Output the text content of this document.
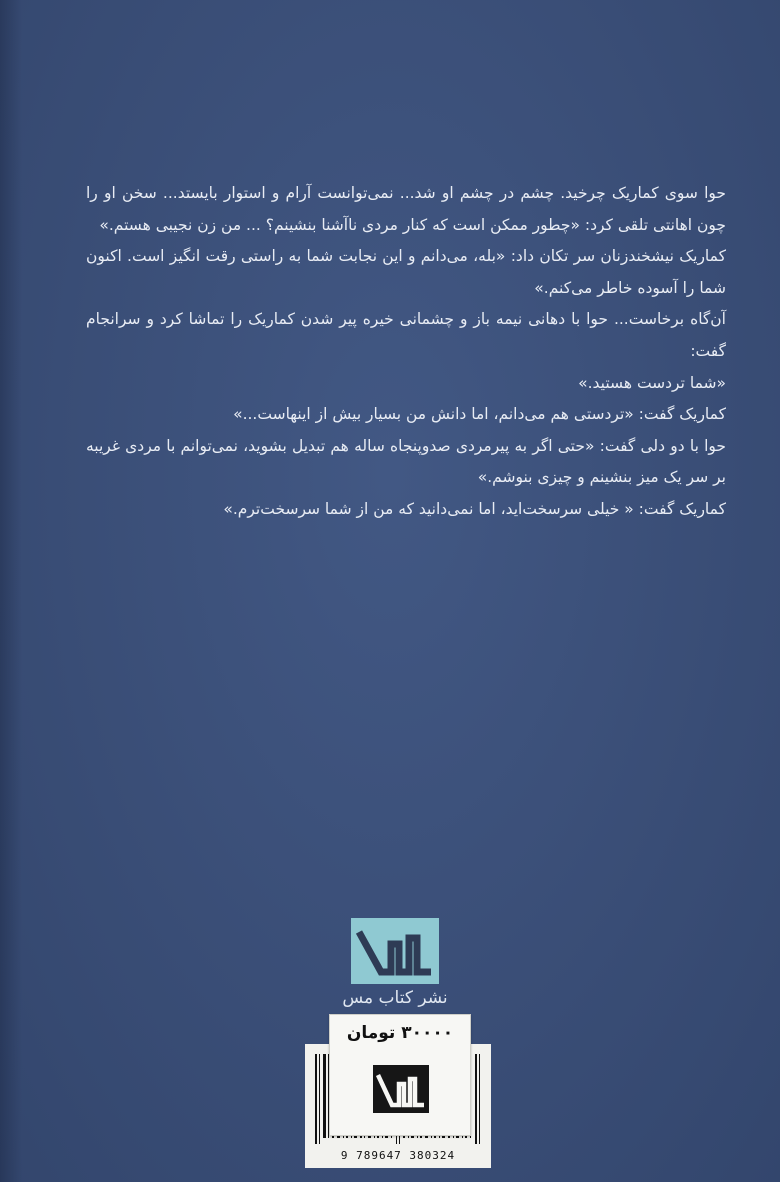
حوا سوی کماریک چرخید. چشم در چشم او شد... نمی‌توانست آرام و استوار بایستد... سخن او را چون اهانتی تلقی کرد: «چطور ممکن است که کنار مردی ناآشنا بنشینم؟ ... من زن نجیبی هستم.»

کماریک نیشخندزنان سر تکان داد: «بله، می‌دانم و این نجابت شما به راستی رقت انگیز است. اکنون شما را آسوده خاطر می‌کنم.»

آن‌گاه برخاست... حوا با دهانی نیمه باز و چشمانی خیره پیر شدن کماریک را تماشا کرد و سرانجام گفت:

«شما تردست هستید.»

کماریک گفت: «تردستی هم می‌دانم، اما دانش من بسیار بیش از اینهاست...»

حوا با دو دلی گفت: «حتی اگر به پیرمردی صدوپنجاه ساله هم تبدیل بشوید، نمی‌توانم با مردی غریبه بر سر یک میز بنشینم و چیزی بنوشم.»

کماریک گفت: « خیلی سرسخت‌اید، اما نمی‌دانید که من از شما سرسخت‌ترم.»

نشر کتاب مس
9 789647 380324
۳۰۰۰۰ تومان
